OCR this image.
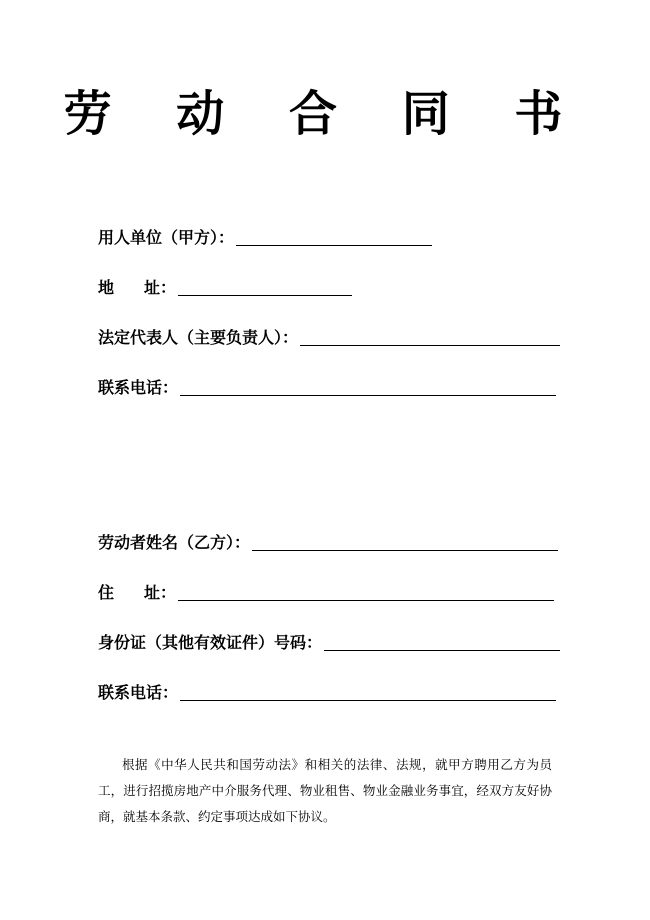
劳 动 合 同 书
用人单位（甲方）：
地 址：
法定代表人（主要负责人）：
联系电话：
劳动者姓名（乙方）：
住 址：
身份证（其他有效证件）号码：
联系电话：
根据《中华人民共和国劳动法》和相关的法律、法规，就甲方聘用乙方为员工，进行招揽房地产中介服务代理、物业租售、物业金融业务事宜，经双方友好协商，就基本条款、约定事项达成如下协议。
